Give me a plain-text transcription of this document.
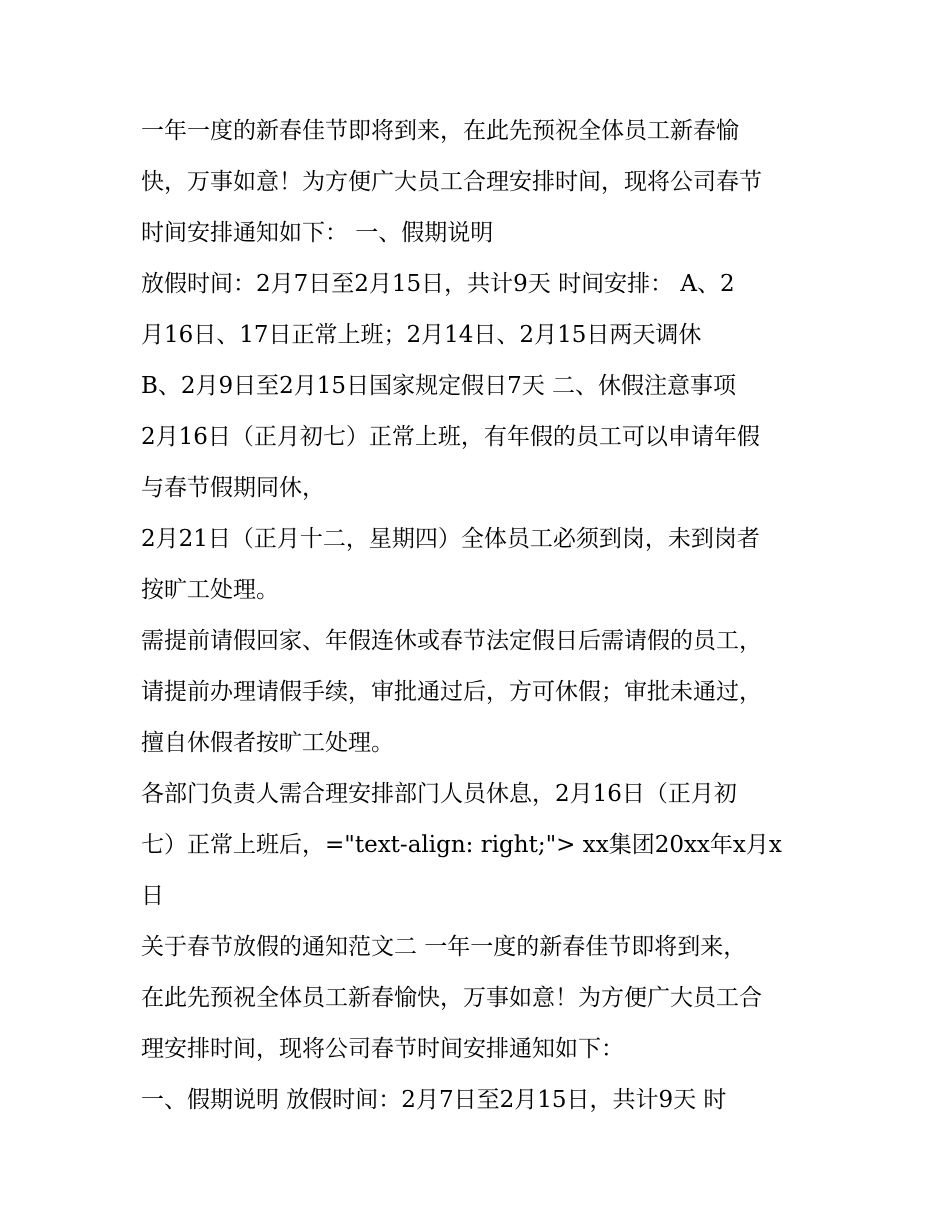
一年一度的新春佳节即将到来，在此先预祝全体员工新春愉
快，万事如意！为方便广大员工合理安排时间，现将公司春节
时间安排通知如下： 一、假期说明
放假时间：2月7日至2月15日，共计9天 时间安排： A、2
月16日、17日正常上班；2月14日、2月15日两天调休
B、2月9日至2月15日国家规定假日7天 二、休假注意事项
2月16日（正月初七）正常上班，有年假的员工可以申请年假
与春节假期同休，
2月21日（正月十二，星期四）全体员工必须到岗，未到岗者
按旷工处理。
需提前请假回家、年假连休或春节法定假日后需请假的员工，
请提前办理请假手续，审批通过后，方可休假；审批未通过，
擅自休假者按旷工处理。
各部门负责人需合理安排部门人员休息，2月16日（正月初
七）正常上班后，="text-align: right;"> xx集团20xx年x月x
日
关于春节放假的通知范文二 一年一度的新春佳节即将到来，
在此先预祝全体员工新春愉快，万事如意！为方便广大员工合
理安排时间，现将公司春节时间安排通知如下：
一、假期说明 放假时间：2月7日至2月15日，共计9天 时
